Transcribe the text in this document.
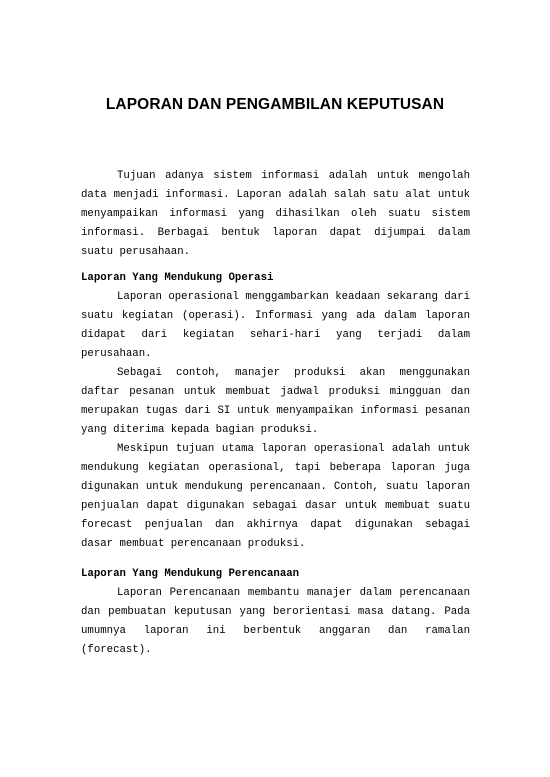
LAPORAN DAN PENGAMBILAN KEPUTUSAN

Tujuan adanya sistem informasi adalah untuk mengolah data menjadi informasi. Laporan adalah salah satu alat untuk menyampaikan informasi yang dihasilkan oleh suatu sistem informasi. Berbagai bentuk laporan dapat dijumpai dalam suatu perusahaan.

Laporan Yang Mendukung Operasi

Laporan operasional menggambarkan keadaan sekarang dari suatu kegiatan (operasi). Informasi yang ada dalam laporan didapat dari kegiatan sehari-hari yang terjadi dalam perusahaan.

Sebagai contoh, manajer produksi akan menggunakan daftar pesanan untuk membuat jadwal produksi mingguan dan merupakan tugas dari SI untuk menyampaikan informasi pesanan yang diterima kepada bagian produksi.

Meskipun tujuan utama laporan operasional adalah untuk mendukung kegiatan operasional, tapi beberapa laporan juga digunakan untuk mendukung perencanaan. Contoh, suatu laporan penjualan dapat digunakan sebagai dasar untuk membuat suatu forecast penjualan dan akhirnya dapat digunakan sebagai dasar membuat perencanaan produksi.

Laporan Yang Mendukung Perencanaan

Laporan Perencanaan membantu manajer dalam perencanaan dan pembuatan keputusan yang berorientasi masa datang. Pada umumnya laporan ini berbentuk anggaran dan ramalan (forecast).
